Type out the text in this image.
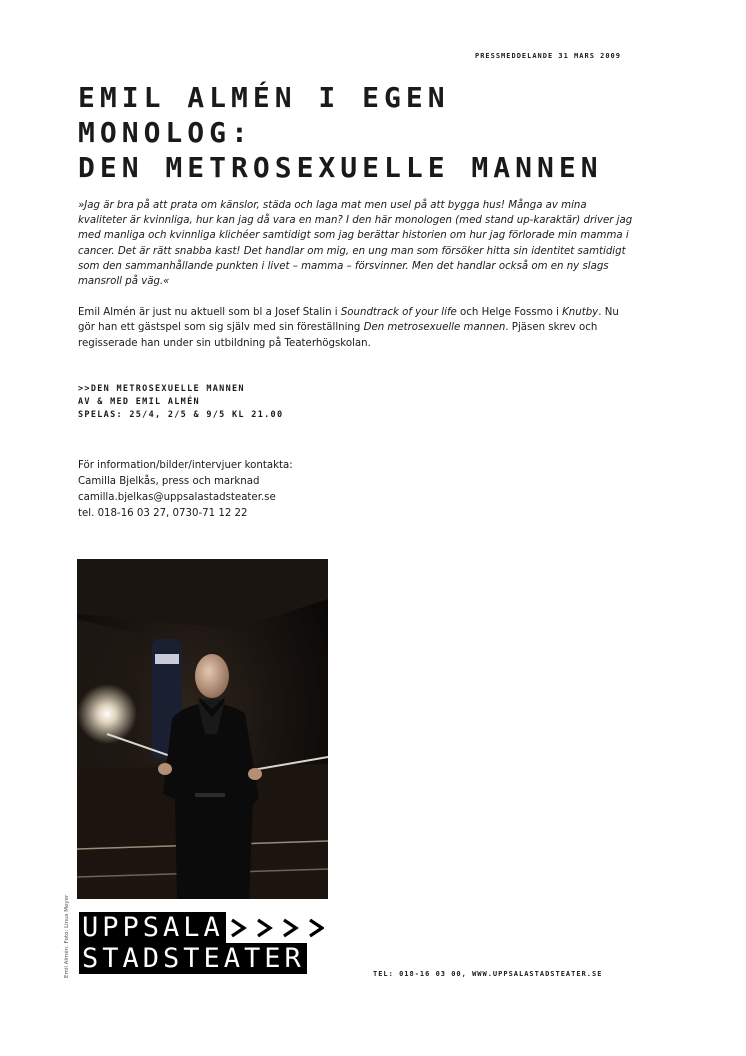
PRESSMEDDELANDE 31 MARS 2009
EMIL ALMÉN I EGEN
MONOLOG:
DEN METROSEXUELLE MANNEN

»Jag är bra på att prata om känslor, städa och laga mat men usel på att bygga hus! Många av mina kvaliteter är kvinnliga, hur kan jag då vara en man? I den här monologen (med stand up-karaktär) driver jag med manliga och kvinnliga klichéer samtidigt som jag berättar historien om hur jag förlorade min mamma i cancer. Det är rätt snabba kast! Det handlar om mig, en ung man som försöker hitta sin identitet samtidigt som den sammanhållande punkten i livet – mamma – försvinner. Men det handlar också om en ny slags mansroll på väg.«

Emil Almén är just nu aktuell som bl a Josef Stalin i Soundtrack of your life och Helge Fossmo i Knutby. Nu gör han ett gästspel som sig själv med sin föreställning Den metrosexuelle mannen. Pjäsen skrev och regisserade han under sin utbildning på Teaterhögskolan.

>>DEN METROSEXUELLE MANNEN
AV & MED EMIL ALMÉN
SPELAS: 25/4, 2/5 & 9/5 KL 21.00
För information/bilder/intervjuer kontakta:
Camilla Bjelkås, press och marknad
camilla.bjelkas@uppsalastadsteater.se
tel. 018-16 03 27, 0730-71 12 22
Emil Almén. Foto: Linus Meyer UPPSALA
STADSTEATER	TEL: 018-16 03 00, WWW.UPPSALASTADSTEATER.SE
